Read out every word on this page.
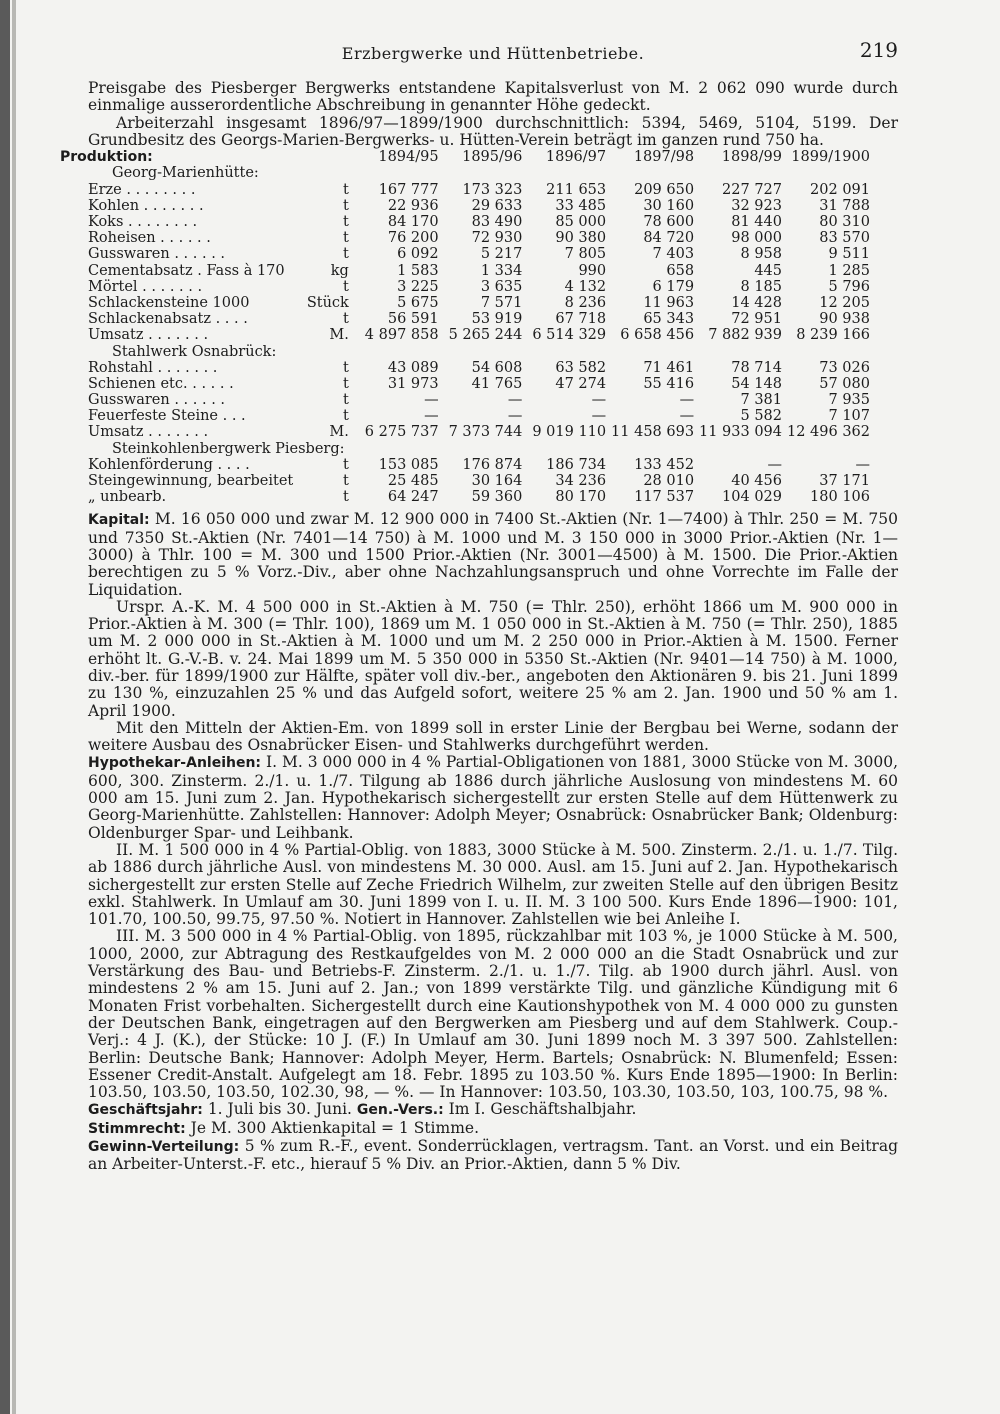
Erzbergwerke und Hüttenbetriebe.	219

Preisgabe des Piesberger Bergwerks entstandene Kapitalsverlust von M. 2 062 090 wurde durch einmalige ausserordentliche Abschreibung in genannter Höhe gedeckt.

Arbeiterzahl insgesamt 1896/97—1899/1900 durchschnittlich: 5394, 5469, 5104, 5199. Der Grundbesitz des Georgs-Marien-Bergwerks- u. Hütten-Verein beträgt im ganzen rund 750 ha.

Produktion:		1894/95	1895/96	1896/97	1897/98	1898/99	1899/1900
Georg-Marienhütte:							
Erze . . . . . . . .	t	167 777	173 323	211 653	209 650	227 727	202 091
Kohlen . . . . . . .	t	22 936	29 633	33 485	30 160	32 923	31 788
Koks . . . . . . . .	t	84 170	83 490	85 000	78 600	81 440	80 310
Roheisen . . . . . .	t	76 200	72 930	90 380	84 720	98 000	83 570
Gusswaren . . . . . .	t	6 092	5 217	7 805	7 403	8 958	9 511
Cementabsatz . Fass à 170	kg	1 583	1 334	990	658	445	1 285
Mörtel . . . . . . .	t	3 225	3 635	4 132	6 179	8 185	5 796
Schlackensteine 1000	Stück	5 675	7 571	8 236	11 963	14 428	12 205
Schlackenabsatz . . . .	t	56 591	53 919	67 718	65 343	72 951	90 938
Umsatz . . . . . . .	M.	4 897 858	5 265 244	6 514 329	6 658 456	7 882 939	8 239 166
Stahlwerk Osnabrück:							
Rohstahl . . . . . . .	t	43 089	54 608	63 582	71 461	78 714	73 026
Schienen etc. . . . . .	t	31 973	41 765	47 274	55 416	54 148	57 080
Gusswaren . . . . . .	t	—	—	—	—	7 381	7 935
Feuerfeste Steine . . .	t	—	—	—	—	5 582	7 107
Umsatz . . . . . . .	M.	6 275 737	7 373 744	9 019 110	11 458 693	11 933 094	12 496 362
Steinkohlenbergwerk Piesberg:							
Kohlenförderung . . . .	t	153 085	176 874	186 734	133 452	—	—
Steingewinnung, bearbeitet	t	25 485	30 164	34 236	28 010	40 456	37 171
„ unbearb.	t	64 247	59 360	80 170	117 537	104 029	180 106

Kapital: M. 16 050 000 und zwar M. 12 900 000 in 7400 St.-Aktien (Nr. 1—7400) à Thlr. 250 = M. 750 und 7350 St.-Aktien (Nr. 7401—14 750) à M. 1000 und M. 3 150 000 in 3000 Prior.-Aktien (Nr. 1—3000) à Thlr. 100 = M. 300 und 1500 Prior.-Aktien (Nr. 3001—4500) à M. 1500. Die Prior.-Aktien berechtigen zu 5 % Vorz.-Div., aber ohne Nachzahlungsanspruch und ohne Vorrechte im Falle der Liquidation.

Urspr. A.-K. M. 4 500 000 in St.-Aktien à M. 750 (= Thlr. 250), erhöht 1866 um M. 900 000 in Prior.-Aktien à M. 300 (= Thlr. 100), 1869 um M. 1 050 000 in St.-Aktien à M. 750 (= Thlr. 250), 1885 um M. 2 000 000 in St.-Aktien à M. 1000 und um M. 2 250 000 in Prior.-Aktien à M. 1500. Ferner erhöht lt. G.-V.-B. v. 24. Mai 1899 um M. 5 350 000 in 5350 St.-Aktien (Nr. 9401—14 750) à M. 1000, div.-ber. für 1899/1900 zur Hälfte, später voll div.-ber., angeboten den Aktionären 9. bis 21. Juni 1899 zu 130 %, einzuzahlen 25 % und das Aufgeld sofort, weitere 25 % am 2. Jan. 1900 und 50 % am 1. April 1900.

Mit den Mitteln der Aktien-Em. von 1899 soll in erster Linie der Bergbau bei Werne, sodann der weitere Ausbau des Osnabrücker Eisen- und Stahlwerks durchgeführt werden.

Hypothekar-Anleihen: I. M. 3 000 000 in 4 % Partial-Obligationen von 1881, 3000 Stücke von M. 3000, 600, 300. Zinsterm. 2./1. u. 1./7. Tilgung ab 1886 durch jährliche Auslosung von mindestens M. 60 000 am 15. Juni zum 2. Jan. Hypothekarisch sichergestellt zur ersten Stelle auf dem Hüttenwerk zu Georg-Marienhütte. Zahlstellen: Hannover: Adolph Meyer; Osnabrück: Osnabrücker Bank; Oldenburg: Oldenburger Spar- und Leihbank.

II. M. 1 500 000 in 4 % Partial-Oblig. von 1883, 3000 Stücke à M. 500. Zinsterm. 2./1. u. 1./7. Tilg. ab 1886 durch jährliche Ausl. von mindestens M. 30 000. Ausl. am 15. Juni auf 2. Jan. Hypothekarisch sichergestellt zur ersten Stelle auf Zeche Friedrich Wilhelm, zur zweiten Stelle auf den übrigen Besitz exkl. Stahlwerk. In Umlauf am 30. Juni 1899 von I. u. II. M. 3 100 500. Kurs Ende 1896—1900: 101, 101.70, 100.50, 99.75, 97.50 %. Notiert in Hannover. Zahlstellen wie bei Anleihe I.

III. M. 3 500 000 in 4 % Partial-Oblig. von 1895, rückzahlbar mit 103 %, je 1000 Stücke à M. 500, 1000, 2000, zur Abtragung des Restkaufgeldes von M. 2 000 000 an die Stadt Osnabrück und zur Verstärkung des Bau- und Betriebs-F. Zinsterm. 2./1. u. 1./7. Tilg. ab 1900 durch jährl. Ausl. von mindestens 2 % am 15. Juni auf 2. Jan.; von 1899 verstärkte Tilg. und gänzliche Kündigung mit 6 Monaten Frist vorbehalten. Sichergestellt durch eine Kautionshypothek von M. 4 000 000 zu gunsten der Deutschen Bank, eingetragen auf den Bergwerken am Piesberg und auf dem Stahlwerk. Coup.-Verj.: 4 J. (K.), der Stücke: 10 J. (F.) In Umlauf am 30. Juni 1899 noch M. 3 397 500. Zahlstellen: Berlin: Deutsche Bank; Hannover: Adolph Meyer, Herm. Bartels; Osnabrück: N. Blumenfeld; Essen: Essener Credit-Anstalt. Aufgelegt am 18. Febr. 1895 zu 103.50 %. Kurs Ende 1895—1900: In Berlin: 103.50, 103.50, 103.50, 102.30, 98, — %. — In Hannover: 103.50, 103.30, 103.50, 103, 100.75, 98 %.

Geschäftsjahr: 1. Juli bis 30. Juni. Gen.-Vers.: Im I. Geschäftshalbjahr.

Stimmrecht: Je M. 300 Aktienkapital = 1 Stimme.

Gewinn-Verteilung: 5 % zum R.-F., event. Sonderrücklagen, vertragsm. Tant. an Vorst. und ein Beitrag an Arbeiter-Unterst.-F. etc., hierauf 5 % Div. an Prior.-Aktien, dann 5 % Div.
